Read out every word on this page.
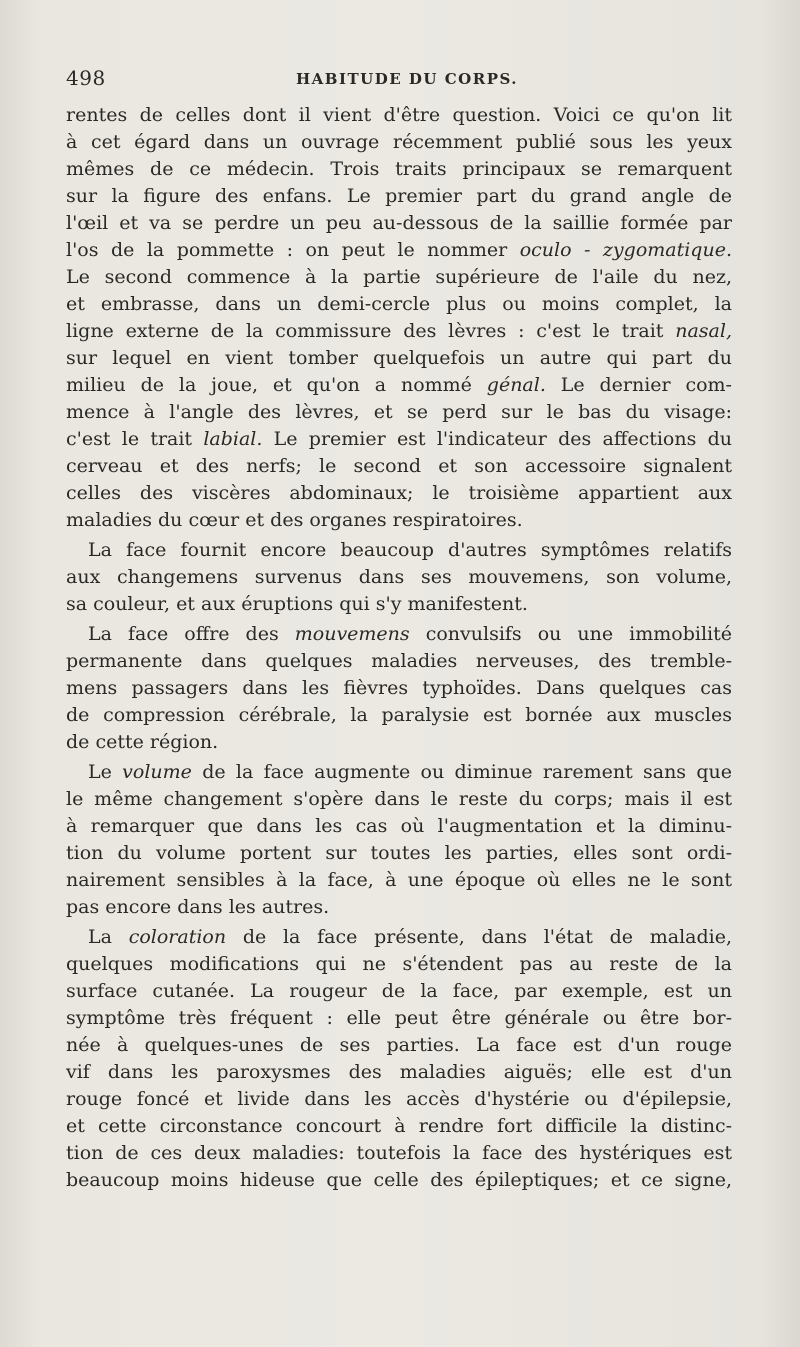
498	HABITUDE DU CORPS.
rentes de celles dont il vient d'être question. Voici ce qu'on lit
à cet égard dans un ouvrage récemment publié sous les yeux
mêmes de ce médecin. Trois traits principaux se remarquent
sur la figure des enfans. Le premier part du grand angle de
l'œil et va se perdre un peu au-dessous de la saillie formée par
l'os de la pommette : on peut le nommer oculo - zygomatique.
Le second commence à la partie supérieure de l'aile du nez,
et embrasse, dans un demi-cercle plus ou moins complet, la
ligne externe de la commissure des lèvres : c'est le trait nasal,
sur lequel en vient tomber quelquefois un autre qui part du
milieu de la joue, et qu'on a nommé génal. Le dernier com-
mence à l'angle des lèvres, et se perd sur le bas du visage:
c'est le trait labial. Le premier est l'indicateur des affections du
cerveau et des nerfs; le second et son accessoire signalent
celles des viscères abdominaux; le troisième appartient aux
maladies du cœur et des organes respiratoires.
La face fournit encore beaucoup d'autres symptômes relatifs
aux changemens survenus dans ses mouvemens, son volume,
sa couleur, et aux éruptions qui s'y manifestent.
La face offre des mouvemens convulsifs ou une immobilité
permanente dans quelques maladies nerveuses, des tremble-
mens passagers dans les fièvres typhoïdes. Dans quelques cas
de compression cérébrale, la paralysie est bornée aux muscles
de cette région.
Le volume de la face augmente ou diminue rarement sans que
le même changement s'opère dans le reste du corps; mais il est
à remarquer que dans les cas où l'augmentation et la diminu-
tion du volume portent sur toutes les parties, elles sont ordi-
nairement sensibles à la face, à une époque où elles ne le sont
pas encore dans les autres.
La coloration de la face présente, dans l'état de maladie,
quelques modifications qui ne s'étendent pas au reste de la
surface cutanée. La rougeur de la face, par exemple, est un
symptôme très fréquent : elle peut être générale ou être bor-
née à quelques-unes de ses parties. La face est d'un rouge
vif dans les paroxysmes des maladies aiguës; elle est d'un
rouge foncé et livide dans les accès d'hystérie ou d'épilepsie,
et cette circonstance concourt à rendre fort difficile la distinc-
tion de ces deux maladies: toutefois la face des hystériques est
beaucoup moins hideuse que celle des épileptiques; et ce signe,
